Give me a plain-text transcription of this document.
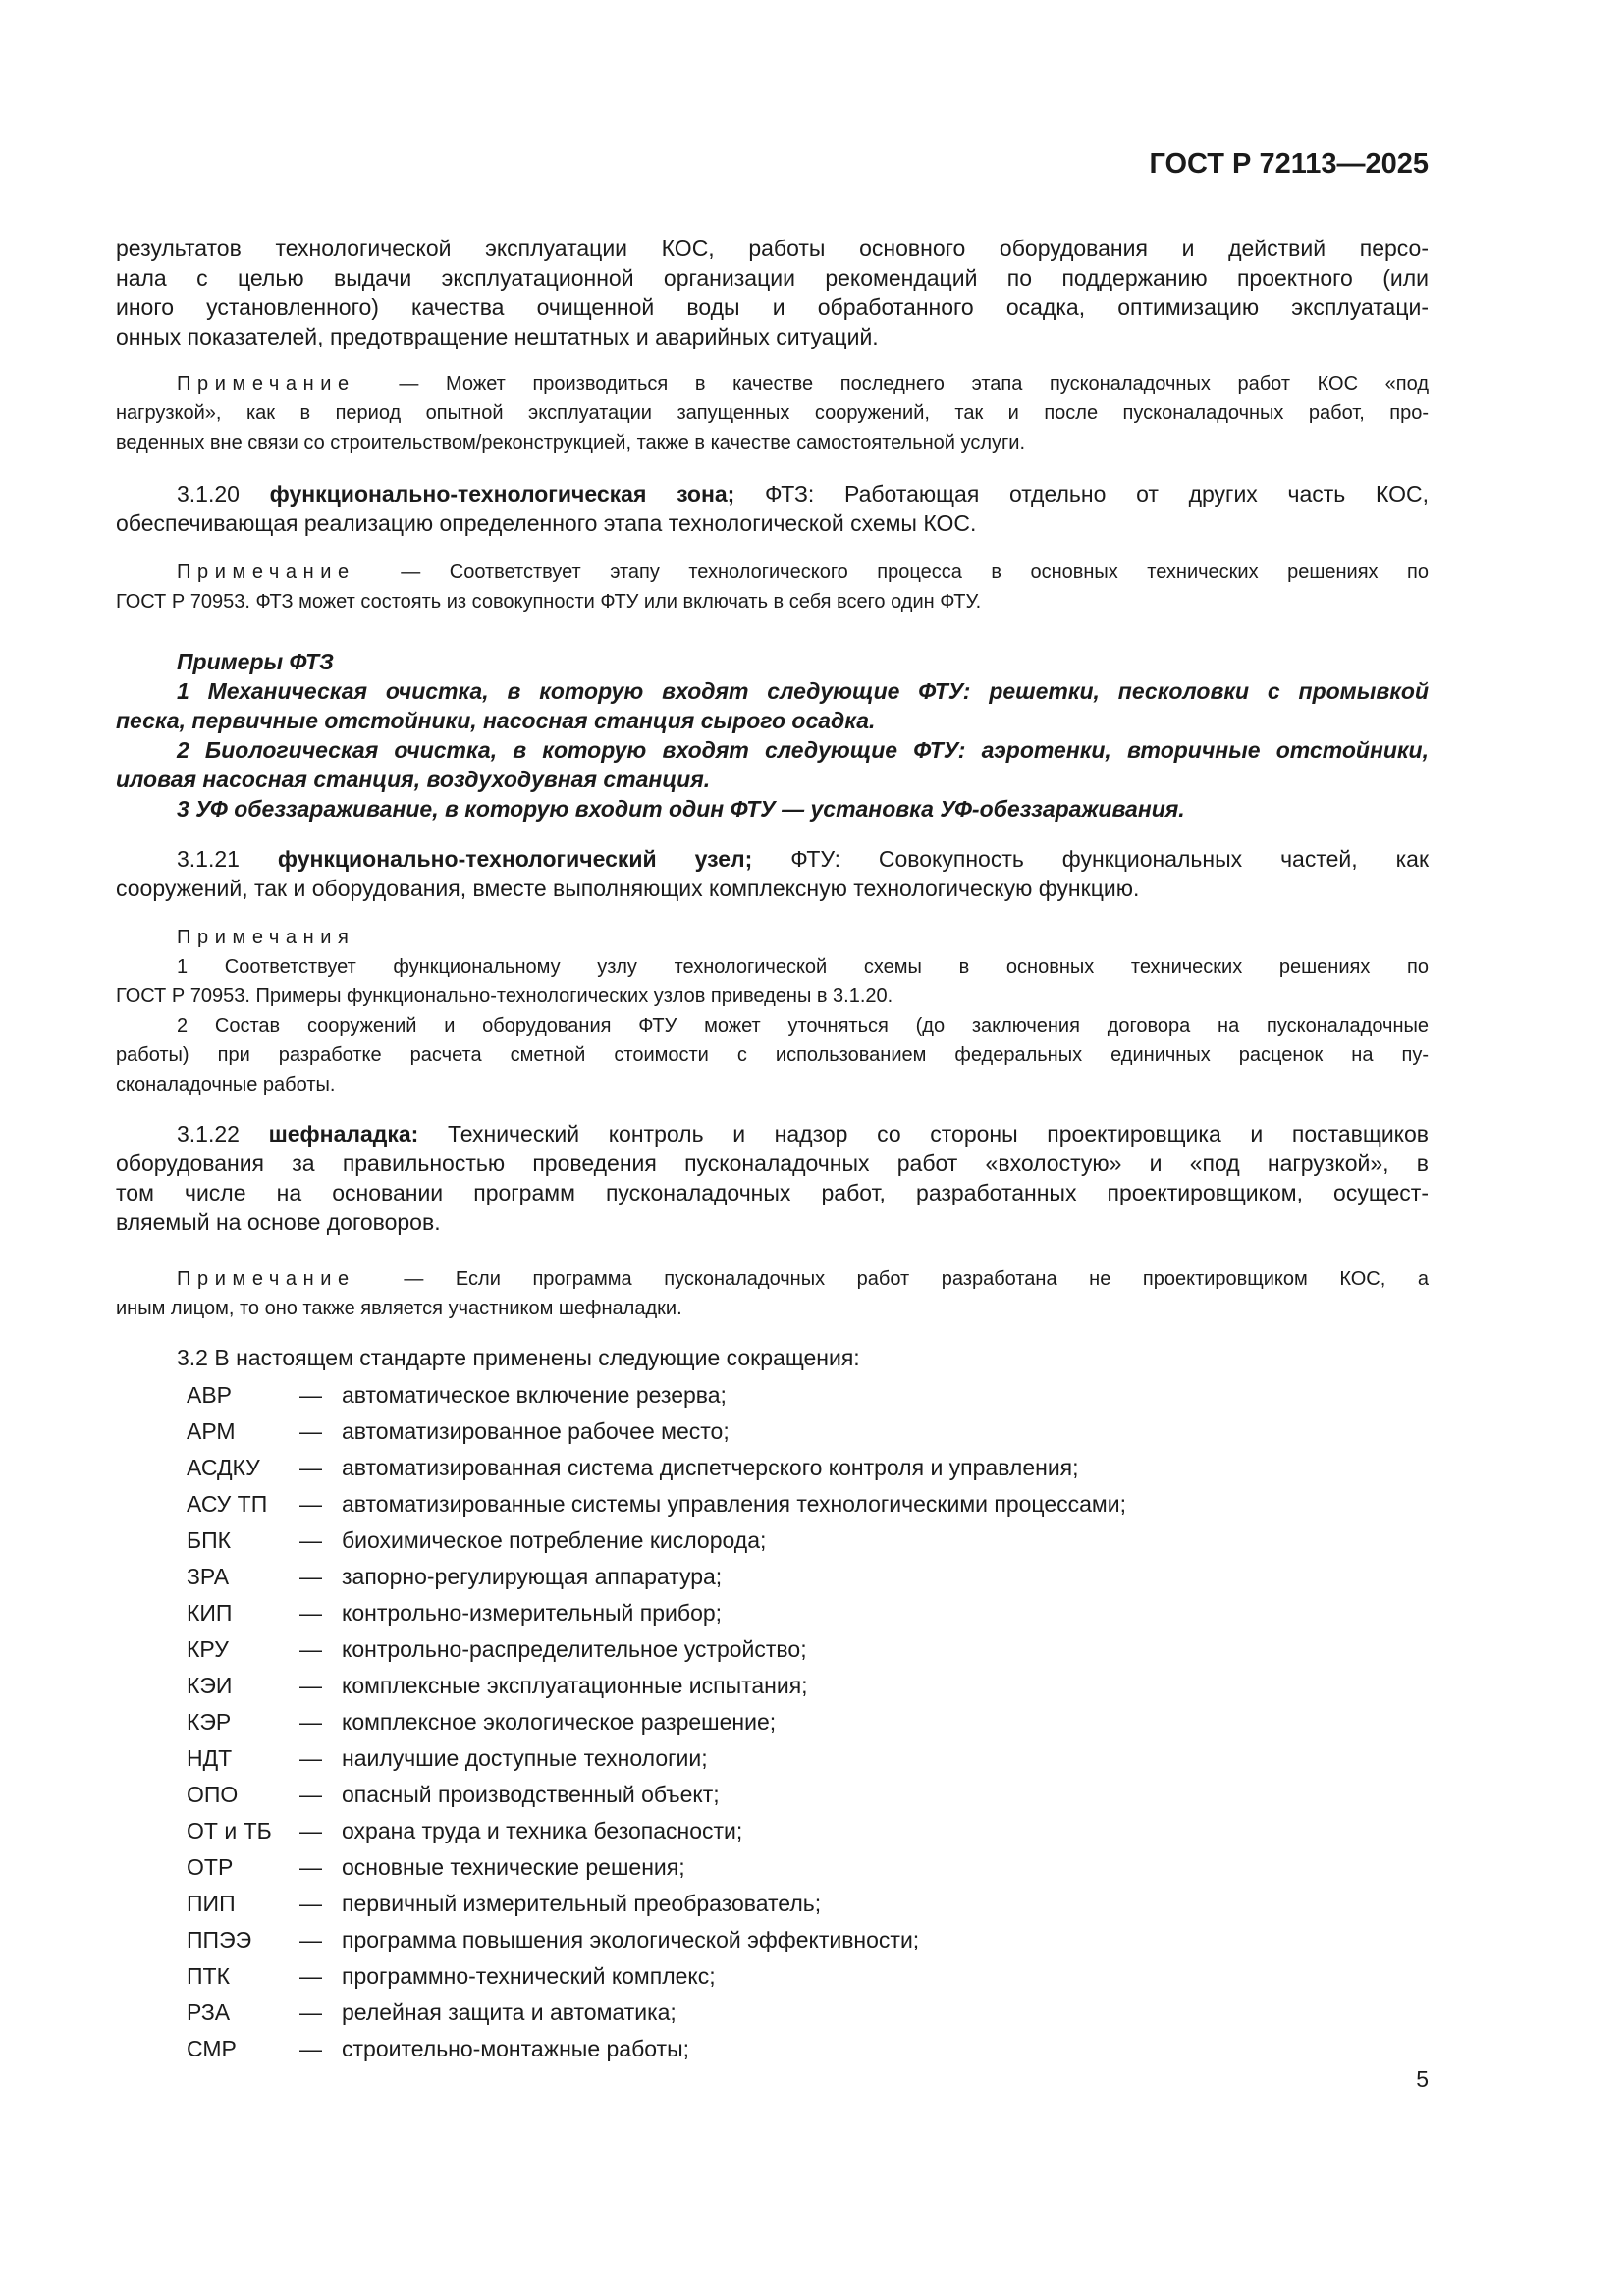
ГОСТ Р 72113—2025
результатов технологической эксплуатации КОС, работы основного оборудования и действий персо-
нала с целью выдачи эксплуатационной организации рекомендаций по поддержанию проектного (или
иного установленного) качества очищенной воды и обработанного осадка, оптимизацию эксплуатаци-
онных показателей, предотвращение нештатных и аварийных ситуаций.
Примечание — Может производиться в качестве последнего этапа пусконаладочных работ КОС «под
нагрузкой», как в период опытной эксплуатации запущенных сооружений, так и после пусконаладочных работ, про-
веденных вне связи со строительством/реконструкцией, также в качестве самостоятельной услуги.
3.1.20 функционально-технологическая зона; ФТЗ: Работающая отдельно от других часть КОС,
обеспечивающая реализацию определенного этапа технологической схемы КОС.
Примечание — Соответствует этапу технологического процесса в основных технических решениях по
ГОСТ Р 70953. ФТЗ может состоять из совокупности ФТУ или включать в себя всего один ФТУ.
Примеры ФТЗ
1 Механическая очистка, в которую входят следующие ФТУ: решетки, песколовки с промывкой
песка, первичные отстойники, насосная станция сырого осадка.
2 Биологическая очистка, в которую входят следующие ФТУ: аэротенки, вторичные отстойники,
иловая насосная станция, воздуходувная станция.
3 УФ обеззараживание, в которую входит один ФТУ — установка УФ-обеззараживания.
3.1.21 функционально-технологический узел; ФТУ: Совокупность функциональных частей, как
сооружений, так и оборудования, вместе выполняющих комплексную технологическую функцию.
Примечания
1 Соответствует функциональному узлу технологической схемы в основных технических решениях по
ГОСТ Р 70953. Примеры функционально-технологических узлов приведены в 3.1.20.
2 Состав сооружений и оборудования ФТУ может уточняться (до заключения договора на пусконаладочные
работы) при разработке расчета сметной стоимости с использованием федеральных единичных расценок на пу-
сконаладочные работы.
3.1.22 шефналадка: Технический контроль и надзор со стороны проектировщика и поставщиков
оборудования за правильностью проведения пусконаладочных работ «вхолостую» и «под нагрузкой», в
том числе на основании программ пусконаладочных работ, разработанных проектировщиком, осущест-
вляемый на основе договоров.
Примечание — Если программа пусконаладочных работ разработана не проектировщиком КОС, а
иным лицом, то оно также является участником шефналадки.
3.2 В настоящем стандарте применены следующие сокращения:
АВР	— автоматическое включение резерва;
АРМ	— автоматизированное рабочее место;
АСДКУ	— автоматизированная система диспетчерского контроля и управления;
АСУ ТП	— автоматизированные системы управления технологическими процессами;
БПК	— биохимическое потребление кислорода;
ЗРА	— запорно-регулирующая аппаратура;
КИП	— контрольно-измерительный прибор;
КРУ	— контрольно-распределительное устройство;
КЭИ	— комплексные эксплуатационные испытания;
КЭР	— комплексное экологическое разрешение;
НДТ	— наилучшие доступные технологии;
ОПО	— опасный производственный объект;
ОТ и ТБ	— охрана труда и техника безопасности;
ОТР	— основные технические решения;
ПИП	— первичный измерительный преобразователь;
ППЭЭ	— программа повышения экологической эффективности;
ПТК	— программно-технический комплекс;
РЗА	— релейная защита и автоматика;
СМР	— строительно-монтажные работы;
5
